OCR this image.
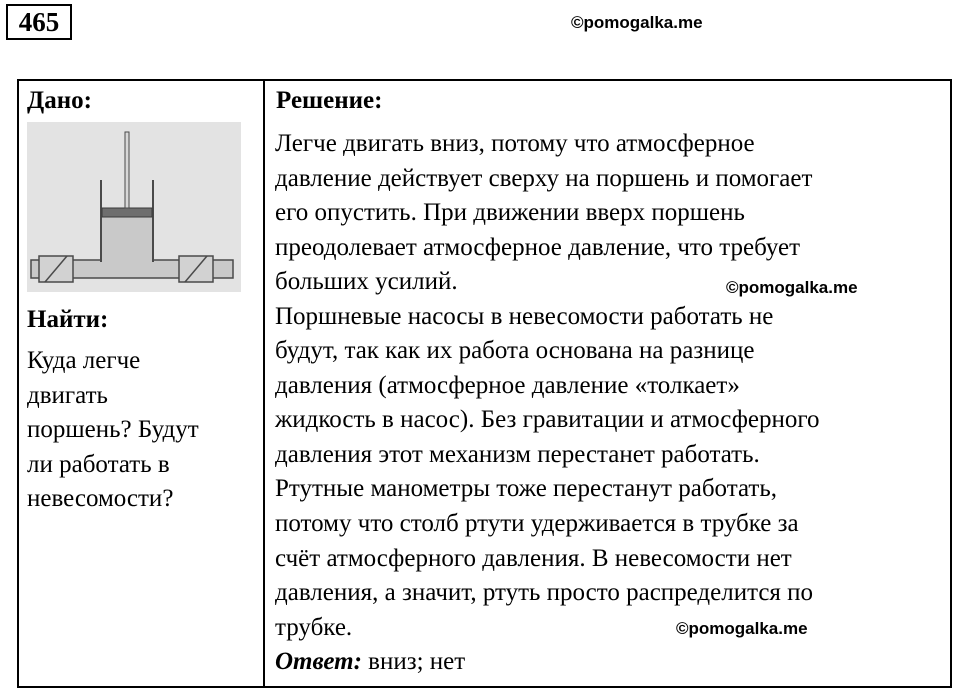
465	©pomogalka.me
Дано:
Найти:
Куда легче
двигать
поршень? Будут
ли работать в
невесомости?
Решение:
Легче двигать вниз, потому что атмосферное
давление действует сверху на поршень и помогает
его опустить. При движении вверх поршень
преодолевает атмосферное давление, что требует
больших усилий.
Поршневые насосы в невесомости работать не
будут, так как их работа основана на разнице
давления (атмосферное давление «толкает»
жидкость в насос). Без гравитации и атмосферного
давления этот механизм перестанет работать.
Ртутные манометры тоже перестанут работать,
потому что столб ртути удерживается в трубке за
счёт атмосферного давления. В невесомости нет
давления, а значит, ртуть просто распределится по
трубке.
Ответ: вниз; нет
©pomogalka.me
©pomogalka.me
